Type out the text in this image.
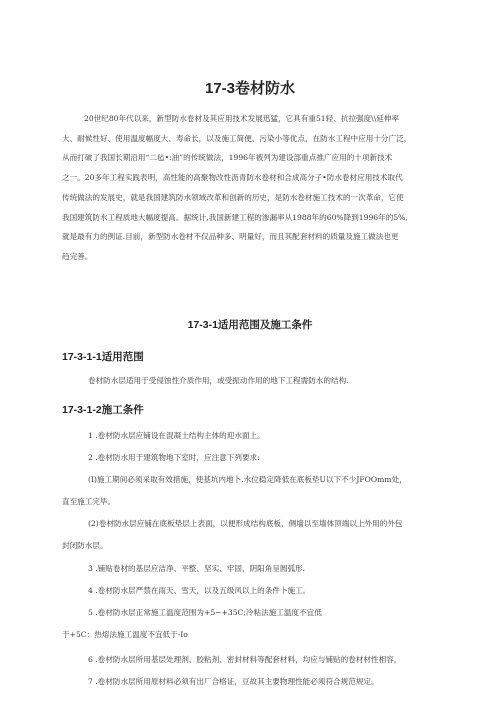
17-3卷材防水
20世纪80年代以来，新型防水卷材及其应用技术发展迅猛，它具有重51轻、抗拉强度\\延伸率
大、耐候性好、使用温度幅度大、寿命长，以及施工简便、污染小等优点，在防水工程中应用十分广泛，
从而打破了我国长期沿用“二毡•:油”的传统做法，1996年被列为建设部重点推广应用的十项新技术
之一。20多年工程实践表明，高性能的高聚物改性沥青防水卷材和合成高分子•防水卷材应用技术取代
传统做法的发展史，就是我国建筑防水领域改革和创新的历史，是防水卷材施工技术的一次革命，它使
我国建筑防水工程质地大幅度提高。据统计,我国新建工程的渗漏率从1988年的60%降到1996年的5%,
就是最有力的例证.目前，新型防水卷材不仅品种多、明量好，而且其配套材料的质量及施工做法也更
趋完善。
17-3-1适用范围及施工条件
17-3-1-1适用范围
卷材防水层适用于受侵蚀性介质作用，或受振动作用的地下工程需防水的结构.
17-3-1-2施工条件
1 .卷材防水层应铺设在混凝土结构主体的迎水面上。
2 .卷材防水用于建筑物地下室时，应注意下列要求:
(I)施工期间必须采取有效措施，使基坑内地卜.水位稳定降低在底板垫U以下不少JFOOmm处，
直至施工完毕。
(2)卷材防水层应铺在底板垫层上表面，以便形成结构底板，侧墙以至墙体顶端以上外用的外包
封闭防水层。
3 .铺贴卷材的基层应洁净、平整、坚实、牢固，阴阳角呈圆弧形.
4 .卷材防水层严禁在雨天、雪天，以及五级风以上的条件卜施工。
5 .卷材防水层正常施工温度范围为+5~+35C;冷粘法施工温度不宜低
于+5C：热熔法施工温度不宜低于-Io
6 .卷材防水层所用基层处理剂、胶粘剂、密封材料等配套材料，均应与铺贴的卷材材性相容，
7 .卷材防水层所用原材料必须有出厂合格证，豆故其主要物理性能必须符合规范规定。
